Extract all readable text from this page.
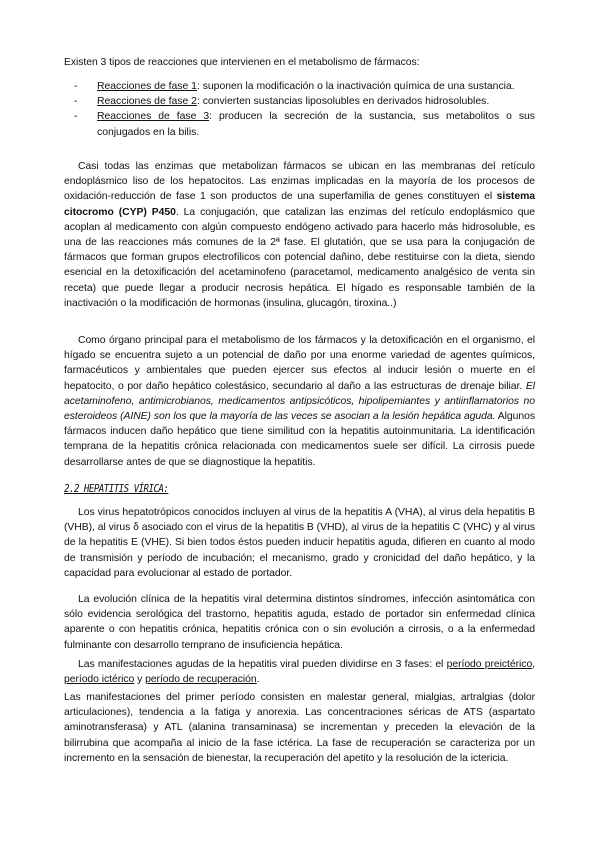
Existen 3 tipos de reacciones que intervienen en el metabolismo de fármacos:

- Reacciones de fase 1: suponen la modificación o la inactivación química de una sustancia.
- Reacciones de fase 2: convierten sustancias liposolubles en derivados hidrosolubles.
- Reacciones de fase 3: producen la secreción de la sustancia, sus metabolitos o sus conjugados en la bilis.

Casi todas las enzimas que metabolizan fármacos se ubican en las membranas del retículo endoplásmico liso de los hepatocitos. Las enzimas implicadas en la mayoría de los procesos de oxidación-reducción de fase 1 son productos de una superfamilia de genes constituyen el sistema citocromo (CYP) P450. La conjugación, que catalizan las enzimas del retículo endoplásmico que acoplan al medicamento con algún compuesto endógeno activado para hacerlo más hidrosoluble, es una de las reacciones más comunes de la 2ª fase. El glutatión, que se usa para la conjugación de fármacos que forman grupos electrofílicos con potencial dañino, debe restituirse con la dieta, siendo esencial en la detoxificación del acetaminofeno (paracetamol, medicamento analgésico de venta sin receta) que puede llegar a producir necrosis hepática. El hígado es responsable también de la inactivación o la modificación de hormonas (insulina, glucagón, tiroxina..)

Como órgano principal para el metabolismo de los fármacos y la detoxificación en el organismo, el hígado se encuentra sujeto a un potencial de daño por una enorme variedad de agentes químicos, farmacéuticos y ambientales que pueden ejercer sus efectos al inducir lesión o muerte en el hepatocito, o por daño hepático colestásico, secundario al daño a las estructuras de drenaje biliar. El acetaminofeno, antimicrobianos, medicamentos antipsicóticos, hipolipemiantes y antiinflamatorios no esteroideos (AINE) son los que la mayoría de las veces se asocian a la lesión hepática aguda. Algunos fármacos inducen daño hepático que tiene similitud con la hepatitis autoinmunitaria. La identificación temprana de la hepatitis crónica relacionada con medicamentos suele ser difícil. La cirrosis puede desarrollarse antes de que se diagnostique la hepatitis.

2.2 HEPATITIS VÍRICA:

Los virus hepatotrópicos conocidos incluyen al virus de la hepatitis A (VHA), al virus dela hepatitis B (VHB), al virus δ asociado con el virus de la hepatitis B (VHD), al virus de la hepatitis C (VHC) y al virus de la hepatitis E (VHE). Si bien todos éstos pueden inducir hepatitis aguda, difieren en cuanto al modo de transmisión y período de incubación; el mecanismo, grado y cronicidad del daño hepático, y la capacidad para evolucionar al estado de portador.

La evolución clínica de la hepatitis viral determina distintos síndromes, infección asintomática con sólo evidencia serológica del trastorno, hepatitis aguda, estado de portador sin enfermedad clínica aparente o con hepatitis crónica, hepatitis crónica con o sin evolución a cirrosis, o a la enfermedad fulminante con desarrollo temprano de insuficiencia hepática.

Las manifestaciones agudas de la hepatitis viral pueden dividirse en 3 fases: el período preictérico, período ictérico y período de recuperación.

Las manifestaciones del primer período consisten en malestar general, mialgias, artralgias (dolor articulaciones), tendencia a la fatiga y anorexia. Las concentraciones séricas de ATS (aspartato aminotransferasa) y ATL (alanina transaminasa) se incrementan y preceden la elevación de la bilirrubina que acompaña al inicio de la fase ictérica. La fase de recuperación se caracteriza por un incremento en la sensación de bienestar, la recuperación del apetito y la resolución de la ictericia.
